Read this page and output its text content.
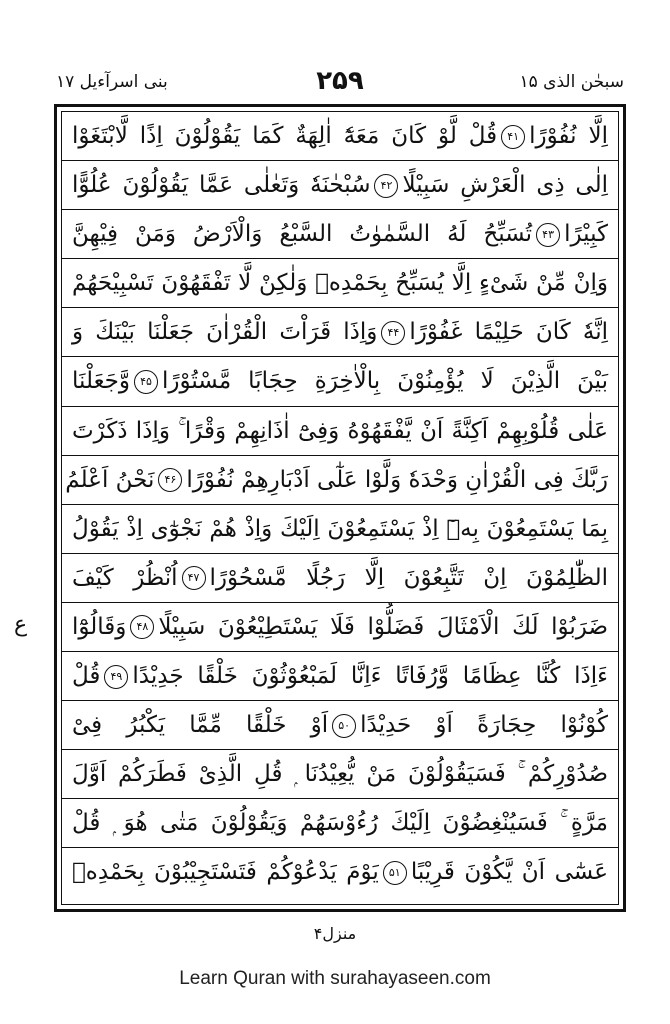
بنی اسرآءیل ۱۷	۲۵۹	سبحٰن الذی ۱۵
اِلَّا نُفُوْرًا۴۱قُلْ لَّوْ كَانَ مَعَهٗٓ اٰلِهَةٌ كَمَا يَقُوْلُوْنَ اِذًا لَّابْتَغَوْا
اِلٰى ذِى الْعَرْشِ سَبِيْلًا۴۲سُبْحٰنَهٗ وَتَعٰلٰى عَمَّا يَقُوْلُوْنَ عُلُوًّا
كَبِيْرًا۴۳تُسَبِّحُ لَهُ السَّمٰوٰتُ السَّبْعُ وَالْاَرْضُ وَمَنْ فِيْهِنَّ
وَاِنْ مِّنْ شَىْءٍ اِلَّا يُسَبِّحُ بِحَمْدِهٖ وَلٰكِنْ لَّا تَفْقَهُوْنَ تَسْبِيْحَهُمْ
اِنَّهٗ كَانَ حَلِيْمًا غَفُوْرًا۴۴وَاِذَا قَرَاْتَ الْقُرْاٰنَ جَعَلْنَا بَيْنَكَ وَ
بَيْنَ الَّذِيْنَ لَا يُؤْمِنُوْنَ بِالْاٰخِرَةِ حِجَابًا مَّسْتُوْرًا۴۵وَّجَعَلْنَا
عَلٰى قُلُوْبِهِمْ اَكِنَّةً اَنْ يَّفْقَهُوْهُ وَفِىْٓ اٰذَانِهِمْ وَقْرًا ۚ وَاِذَا ذَكَرْتَ
رَبَّكَ فِى الْقُرْاٰنِ وَحْدَهٗ وَلَّوْا عَلٰٓى اَدْبَارِهِمْ نُفُوْرًا۴۶نَحْنُ اَعْلَمُ
بِمَا يَسْتَمِعُوْنَ بِهٖٓ اِذْ يَسْتَمِعُوْنَ اِلَيْكَ وَاِذْ هُمْ نَجْوٰٓى اِذْ يَقُوْلُ
الظّٰلِمُوْنَ اِنْ تَتَّبِعُوْنَ اِلَّا رَجُلًا مَّسْحُوْرًا۴۷اُنْظُرْ كَيْفَ
ضَرَبُوْا لَكَ الْاَمْثَالَ فَضَلُّوْا فَلَا يَسْتَطِيْعُوْنَ سَبِيْلًا۴۸وَقَالُوْٓا
ءَاِذَا كُنَّا عِظَامًا وَّرُفَاتًا ءَاِنَّا لَمَبْعُوْثُوْنَ خَلْقًا جَدِيْدًا۴۹قُلْ
كُوْنُوْا حِجَارَةً اَوْ حَدِيْدًا۵۰اَوْ خَلْقًا مِّمَّا يَكْبُرُ فِىْ
صُدُوْرِكُمْ ۚ فَسَيَقُوْلُوْنَ مَنْ يُّعِيْدُنَا ۭ قُلِ الَّذِىْ فَطَرَكُمْ اَوَّلَ
مَرَّةٍ ۚ فَسَيُنْغِضُوْنَ اِلَيْكَ رُءُوْسَهُمْ وَيَقُوْلُوْنَ مَتٰى هُوَ ۭ قُلْ
عَسٰٓى اَنْ يَّكُوْنَ قَرِيْبًا۵۱يَوْمَ يَدْعُوْكُمْ فَتَسْتَجِيْبُوْنَ بِحَمْدِهٖ
ع
منزل۴
Learn Quran with surahayaseen.com
